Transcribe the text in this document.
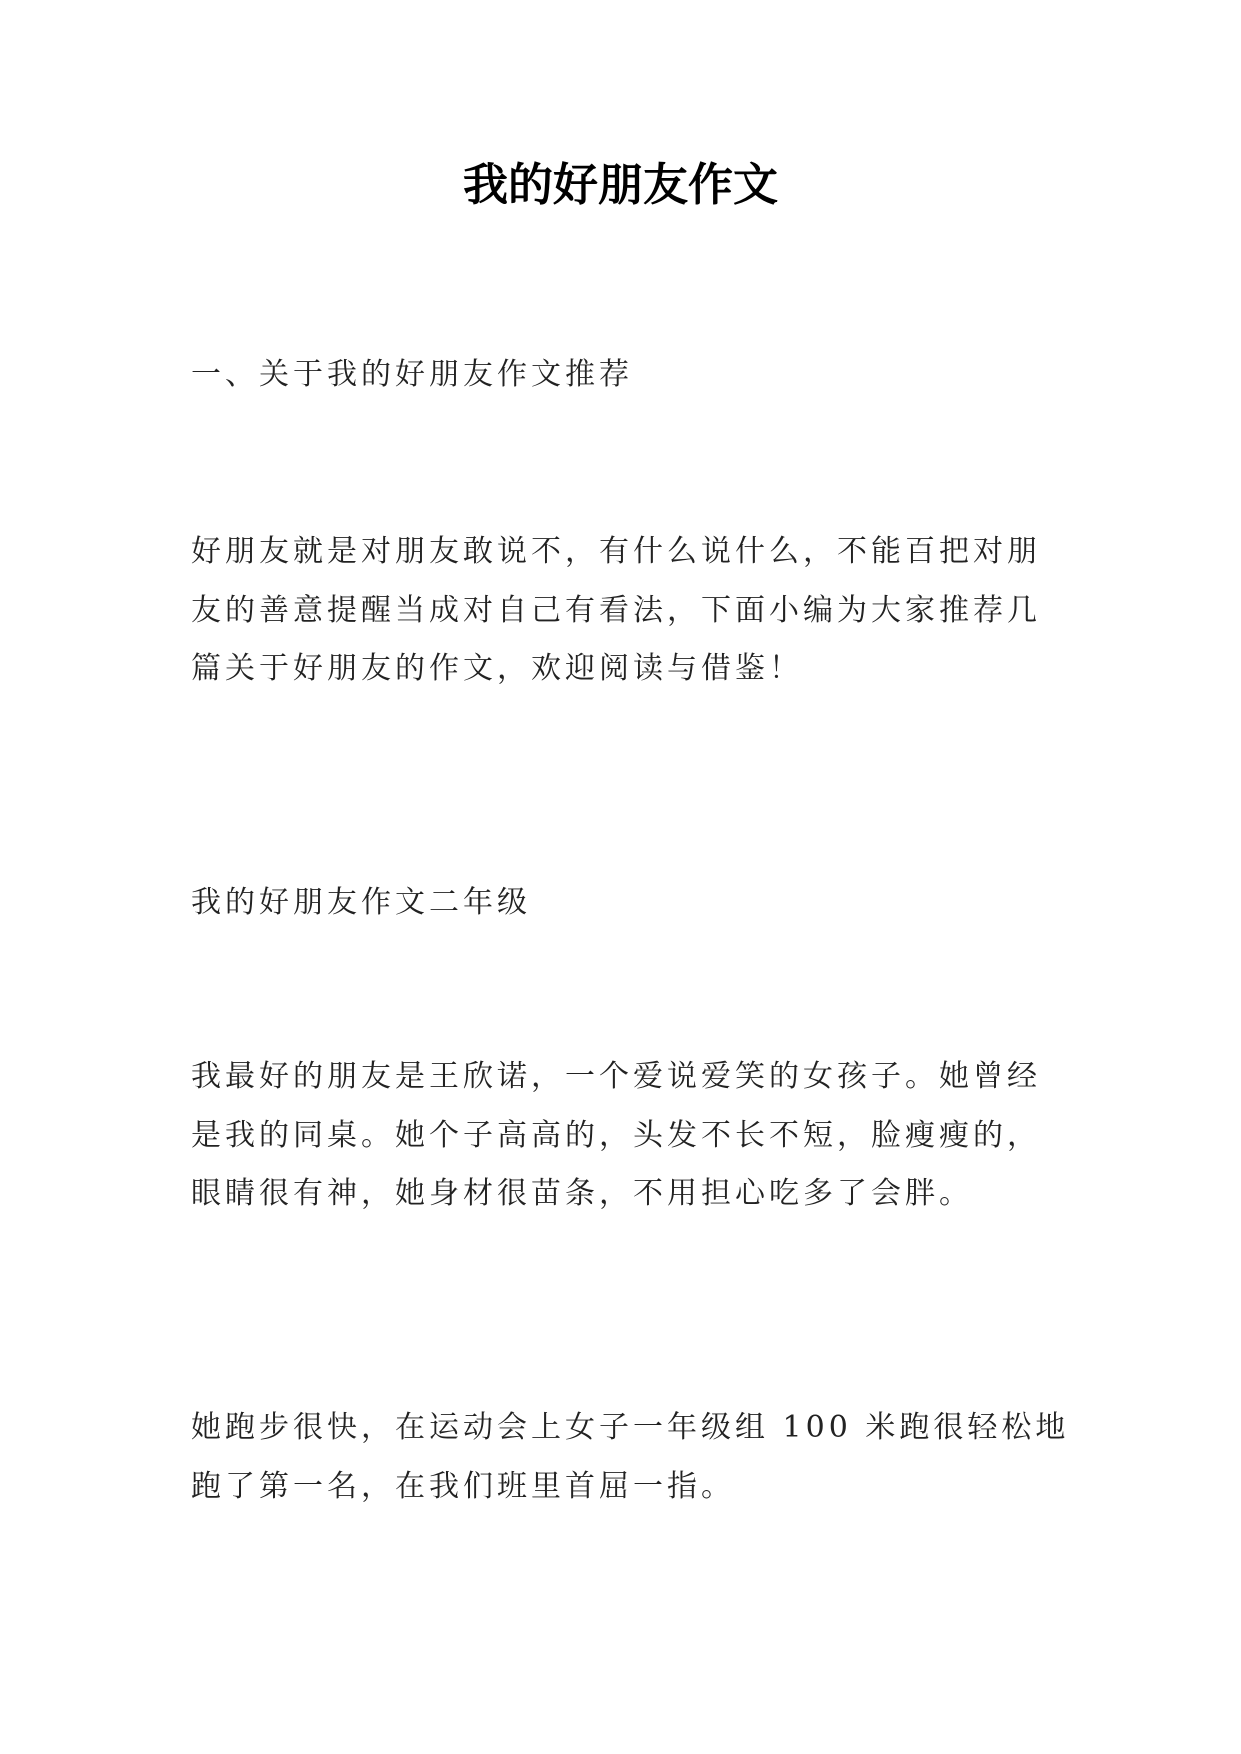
我的好朋友作文

一、关于我的好朋友作文推荐

好朋友就是对朋友敢说不，有什么说什么，不能百把对朋友的善意提醒当成对自己有看法，下面小编为大家推荐几篇关于好朋友的作文，欢迎阅读与借鉴！

我的好朋友作文二年级

我最好的朋友是王欣诺，一个爱说爱笑的女孩子。她曾经是我的同桌。她个子高高的，头发不长不短，脸瘦瘦的，眼睛很有神，她身材很苗条，不用担心吃多了会胖。

她跑步很快，在运动会上女子一年级组 100 米跑很轻松地跑了第一名，在我们班里首屈一指。
